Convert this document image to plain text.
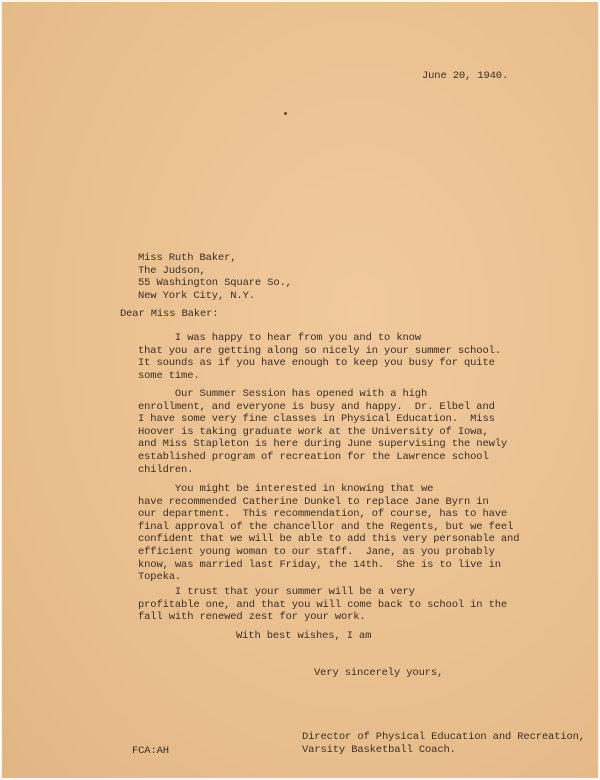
June 20, 1940.

Miss Ruth Baker,
The Judson,
55 Washington Square So.,
New York City, N.Y.

Dear Miss Baker:

I was happy to hear from you and to know
that you are getting along so nicely in your summer school.
It sounds as if you have enough to keep you busy for quite
some time.
Our Summer Session has opened with a high
enrollment, and everyone is busy and happy.  Dr. Elbel and
I have some very fine classes in Physical Education.  Miss
Hoover is taking graduate work at the University of Iowa,
and Miss Stapleton is here during June supervising the newly
established program of recreation for the Lawrence school
children.
You might be interested in knowing that we
have recommended Catherine Dunkel to replace Jane Byrn in
our department.  This recommendation, of course, has to have
final approval of the chancellor and the Regents, but we feel
confident that we will be able to add this very personable and
efficient young woman to our staff.  Jane, as you probably
know, was married last Friday, the 14th.  She is to live in
Topeka.
I trust that your summer will be a very
profitable one, and that you will come back to school in the
fall with renewed zest for your work.

With best wishes, I am

Very sincerely yours,

Director of Physical Education and Recreation,
Varsity Basketball Coach.

FCA:AH
